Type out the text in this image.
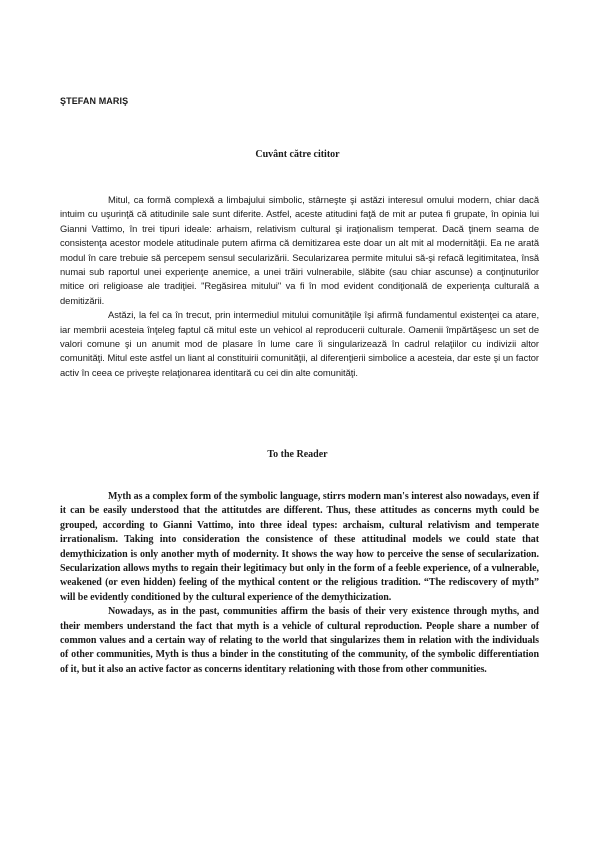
ŞTEFAN MARIŞ
Cuvânt către cititor

Mitul, ca formă complexă a limbajului simbolic, stârneşte şi astăzi interesul omului modern, chiar dacă intuim cu uşurinţă că atitudinile sale sunt diferite. Astfel, aceste atitudini faţă de mit ar putea fi grupate, în opinia lui Gianni Vattimo, în trei tipuri ideale: arhaism, relativism cultural şi iraţionalism temperat. Dacă ţinem seama de consistenţa acestor modele atitudinale putem afirma că demitizarea este doar un alt mit al modernităţii. Ea ne arată modul în care trebuie să percepem sensul secularizării. Secularizarea permite mitului să-şi refacă legitimitatea, însă numai sub raportul unei experienţe anemice, a unei trăiri vulnerabile, slăbite (sau chiar ascunse) a conţinuturilor mitice ori religioase ale tradiţiei. "Regăsirea mitului" va fi în mod evident condiţională de experienţa culturală a demitizării.

Astăzi, la fel ca în trecut, prin intermediul mitului comunităţile îşi afirmă fundamentul existenţei ca atare, iar membrii acesteia înţeleg faptul că mitul este un vehicol al reproducerii culturale. Oamenii împărtăşesc un set de valori comune şi un anumit mod de plasare în lume care îi singularizează în cadrul relaţiilor cu indivizii altor comunităţi. Mitul este astfel un liant al constituirii comunităţii, al diferenţierii simbolice a acesteia, dar este şi un factor activ în ceea ce priveşte relaţionarea identitară cu cei din alte comunităţi.

To the Reader

Myth as a complex form of the symbolic language, stirrs modern man's interest also nowadays, even if it can be easily understood that the attitutdes are different. Thus, these attitudes as concerns myth could be grouped, according to Gianni Vattimo, into three ideal types: archaism, cultural relativism and temperate irrationalism. Taking into consideration the consistence of these attitudinal models we could state that demythicization is only another myth of modernity. It shows the way how to perceive the sense of secularization. Secularization allows myths to regain their legitimacy but only in the form of a feeble experience, of a vulnerable, weakened (or even hidden) feeling of the mythical content or the religious tradition. “The rediscovery of myth” will be evidently conditioned by the cultural experience of the demythicization.

Nowadays, as in the past, communities affirm the basis of their very existence through myths, and their members understand the fact that myth is a vehicle of cultural reproduction. People share a number of common values and a certain way of relating to the world that singularizes them in relation with the individuals of other communities, Myth is thus a binder in the constituting of the community, of the symbolic differentiation of it, but it also an active factor as concerns identitary relationing with those from other communities.
